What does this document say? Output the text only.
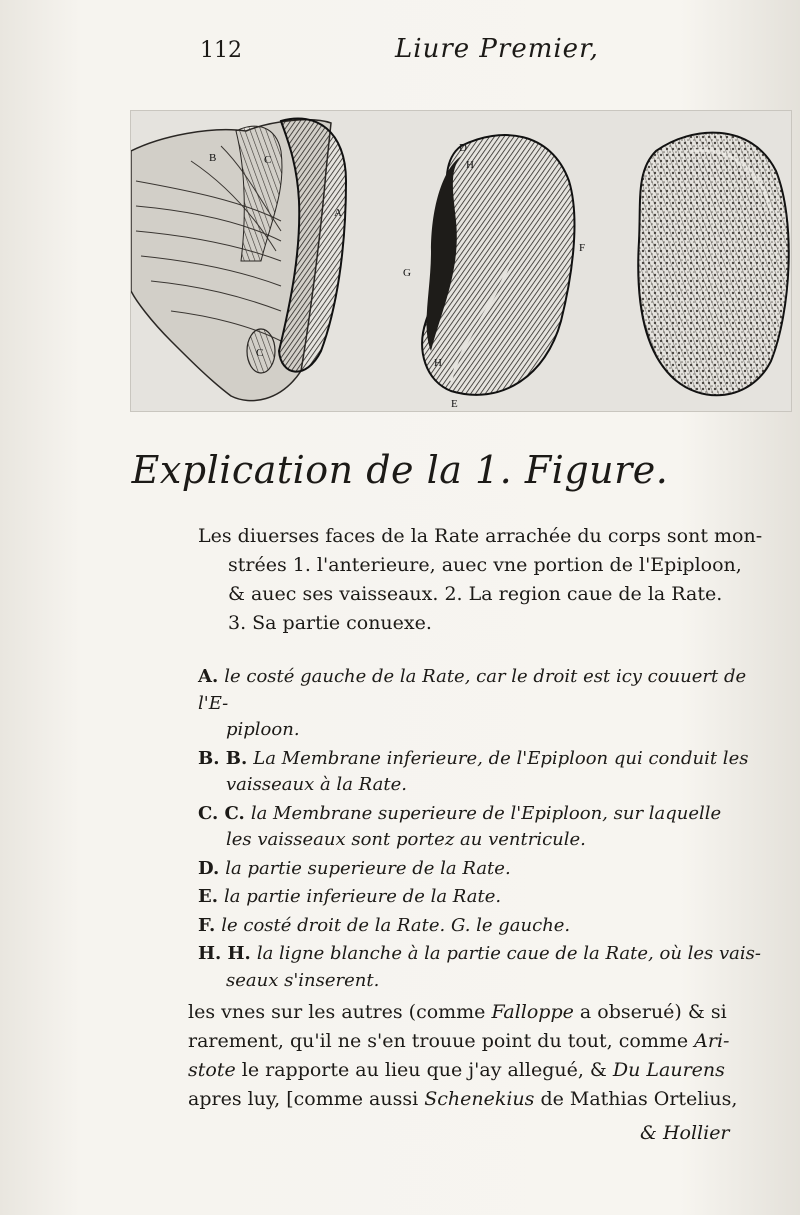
112	Liure Premier,
B	C
A
C
D
H
F
G
H
E
Explication de la 1. Figure.
Les diuerses faces de la Rate arrachée du corps sont mon-
strées 1. l'anterieure, auec vne portion de l'Epiploon,
& auec ses vaisseaux. 2. La region caue de la Rate.
3. Sa partie conuexe.
A. le costé gauche de la Rate, car le droit est icy couuert de l'E-
piploon.
B. B. La Membrane inferieure, de l'Epiploon qui conduit les
vaisseaux à la Rate.
C. C. la Membrane superieure de l'Epiploon, sur laquelle
les vaisseaux sont portez au ventricule.
D. la partie superieure de la Rate.
E. la partie inferieure de la Rate.
F. le costé droit de la Rate. G. le gauche.
H. H. la ligne blanche à la partie caue de la Rate, où les vais-
seaux s'inserent.
les vnes sur les autres (comme Falloppe a obserué) & si
rarement, qu'il ne s'en trouue point du tout, comme Ari-
stote le rapporte au lieu que j'ay allegué, & Du Laurens
apres luy, [comme aussi Schenekius de Mathias Ortelius,
& Hollier
